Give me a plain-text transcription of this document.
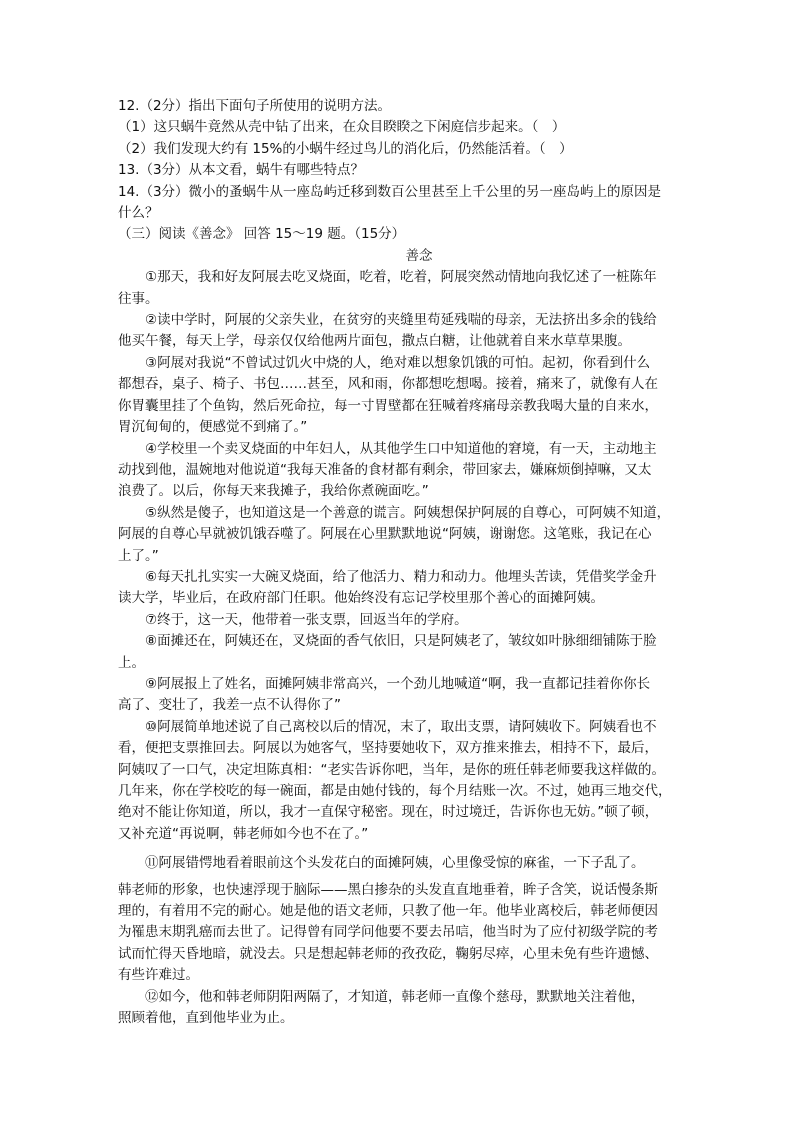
12.（2分）指出下面句子所使用的说明方法。
（1）这只蜗牛竟然从壳中钻了出来，在众目睽睽之下闲庭信步起来。（　）
（2）我们发现大约有 15%的小蜗牛经过鸟儿的消化后，仍然能活着。（　）
13.（3分）从本文看，蜗牛有哪些特点？
14.（3分）微小的蚤蜗牛从一座岛屿迁移到数百公里甚至上千公里的另一座岛屿上的原因是
什么？
（三）阅读《善念》 回答 15～19 题。（15分）
善念
①那天，我和好友阿展去吃叉烧面，吃着，吃着，阿展突然动情地向我忆述了一桩陈年
往事。
②读中学时，阿展的父亲失业，在贫穷的夹缝里苟延残喘的母亲，无法挤出多余的钱给
他买午餐，每天上学，母亲仅仅给他两片面包，撒点白糖，让他就着自来水草草果腹。
③阿展对我说“不曾试过饥火中烧的人，绝对难以想象饥饿的可怕。起初，你看到什么
都想吞，桌子、椅子、书包……甚至，风和雨，你都想吃想喝。接着，痛来了，就像有人在
你胃囊里挂了个鱼钩，然后死命拉，每一寸胃壁都在狂喊着疼痛母亲教我喝大量的自来水，
胃沉甸甸的，便感觉不到痛了。”
④学校里一个卖叉烧面的中年妇人，从其他学生口中知道他的窘境，有一天，主动地主
动找到他，温婉地对他说道“我每天准备的食材都有剩余，带回家去，嫌麻烦倒掉嘛，又太
浪费了。以后，你每天来我摊子，我给你煮碗面吃。”
⑤纵然是傻子，也知道这是一个善意的谎言。阿姨想保护阿展的自尊心，可阿姨不知道，
阿展的自尊心早就被饥饿吞噬了。阿展在心里默默地说“阿姨，谢谢您。这笔账，我记在心
上了。”
⑥每天扎扎实实一大碗叉烧面，给了他活力、精力和动力。他埋头苦读，凭借奖学金升
读大学，毕业后，在政府部门任职。他始终没有忘记学校里那个善心的面摊阿姨。
⑦终于，这一天，他带着一张支票，回返当年的学府。
⑧面摊还在，阿姨还在，叉烧面的香气依旧，只是阿姨老了，皱纹如叶脉细细铺陈于脸
上。
⑨阿展报上了姓名，面摊阿姨非常高兴，一个劲儿地喊道“啊，我一直都记挂着你你长
高了、变壮了，我差一点不认得你了”
⑩阿展简单地述说了自己离校以后的情况，末了，取出支票，请阿姨收下。阿姨看也不
看，便把支票推回去。阿展以为她客气，坚持要她收下，双方推来推去，相持不下，最后，
阿姨叹了一口气，决定坦陈真相：“老实告诉你吧，当年，是你的班任韩老师要我这样做的。
几年来，你在学校吃的每一碗面，都是由她付钱的，每个月结账一次。不过，她再三地交代，
绝对不能让你知道，所以，我才一直保守秘密。现在，时过境迁，告诉你也无妨。”顿了顿，
又补充道“再说啊，韩老师如今也不在了。”
⑪阿展错愕地看着眼前这个头发花白的面摊阿姨，心里像受惊的麻雀，一下子乱了。
韩老师的形象，也快速浮现于脑际——黑白掺杂的头发直直地垂着，眸子含笑，说话慢条斯
理的，有着用不完的耐心。她是他的语文老师，只教了他一年。他毕业离校后，韩老师便因
为罹患末期乳癌而去世了。记得曾有同学问他要不要去吊唁，他当时为了应付初级学院的考
试而忙得天昏地暗，就没去。只是想起韩老师的孜孜矻，鞠躬尽瘁，心里未免有些许遗憾、
有些许难过。
⑫如今，他和韩老师阴阳两隔了，才知道，韩老师一直像个慈母，默默地关注着他，
照顾着他，直到他毕业为止。
